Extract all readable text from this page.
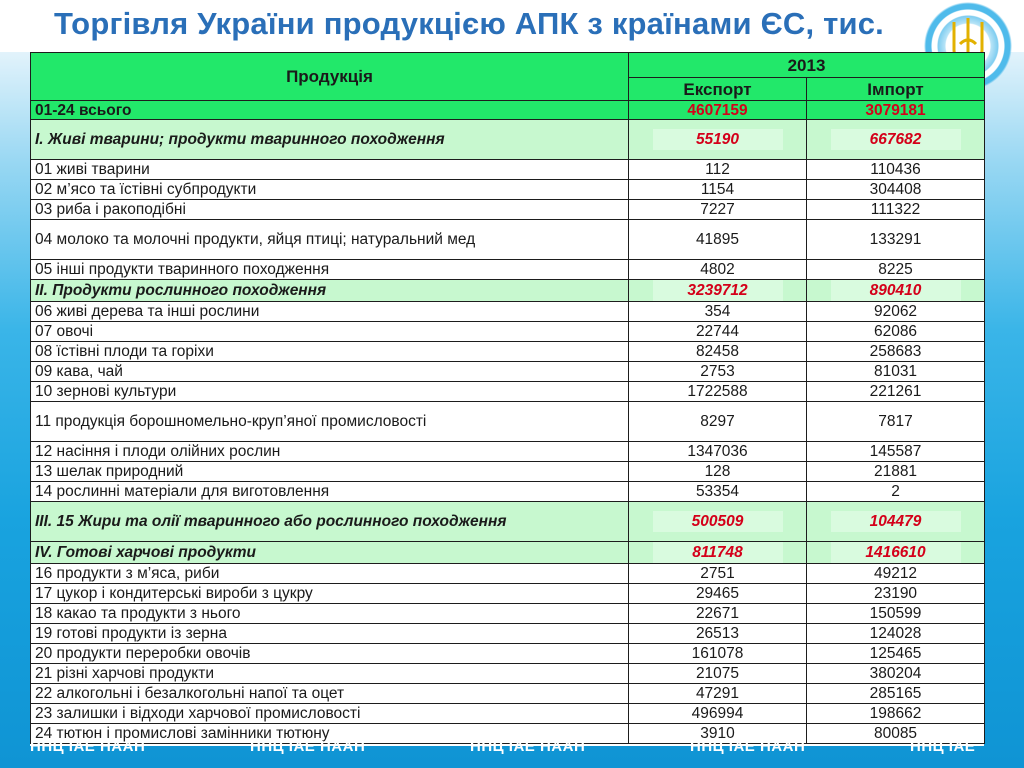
Торгівля України продукцією АПК з країнами ЄС, тис.
Продукція	2013	
	Експорт	Імпорт
01-24 всього	4607159	3079181
I. Живі тварини; продукти тваринного походження	55190	667682
01 живі тварини	112	110436
02 м’ясо та їстівні субпродукти	1154	304408
03 риба і ракоподібні	7227	111322
04 молоко та молочні продукти, яйця птиці; натуральний мед	41895	133291
05 інші продукти тваринного походження	4802	8225
II. Продукти рослинного походження	3239712	890410
06 живі дерева та інші рослини	354	92062
07 овочі	22744	62086
08 їстівні плоди та горіхи	82458	258683
09 кава, чай	2753	81031
10 зернові культури	1722588	221261
11 продукція борошномельно-круп’яної промисловості	8297	7817
12 насіння і плоди олійних рослин	1347036	145587
13 шелак природний	128	21881
14 рослинні матеріали для виготовлення	53354	2
III. 15 Жири та олії тваринного або рослинного походження	500509	104479
IV. Готові харчові продукти	811748	1416610
16 продукти з м’яса, риби	2751	49212
17 цукор і кондитерські вироби з цукру	29465	23190
18 какао та продукти з нього	22671	150599
19 готові продукти із зерна	26513	124028
20 продукти переробки овочів	161078	125465
21 різні харчові продукти	21075	380204
22 алкогольні і безалкогольні напої та оцет	47291	285165
23 залишки і відходи харчової промисловості	496994	198662
24 тютюн і промислові замінники тютюну	3910	80085
ННЦ ІАЕ НААН	ННЦ ІАЕ НААН	ННЦ ІАЕ НААН	ННЦ ІАЕ НААН	ННЦ ІАЕ
